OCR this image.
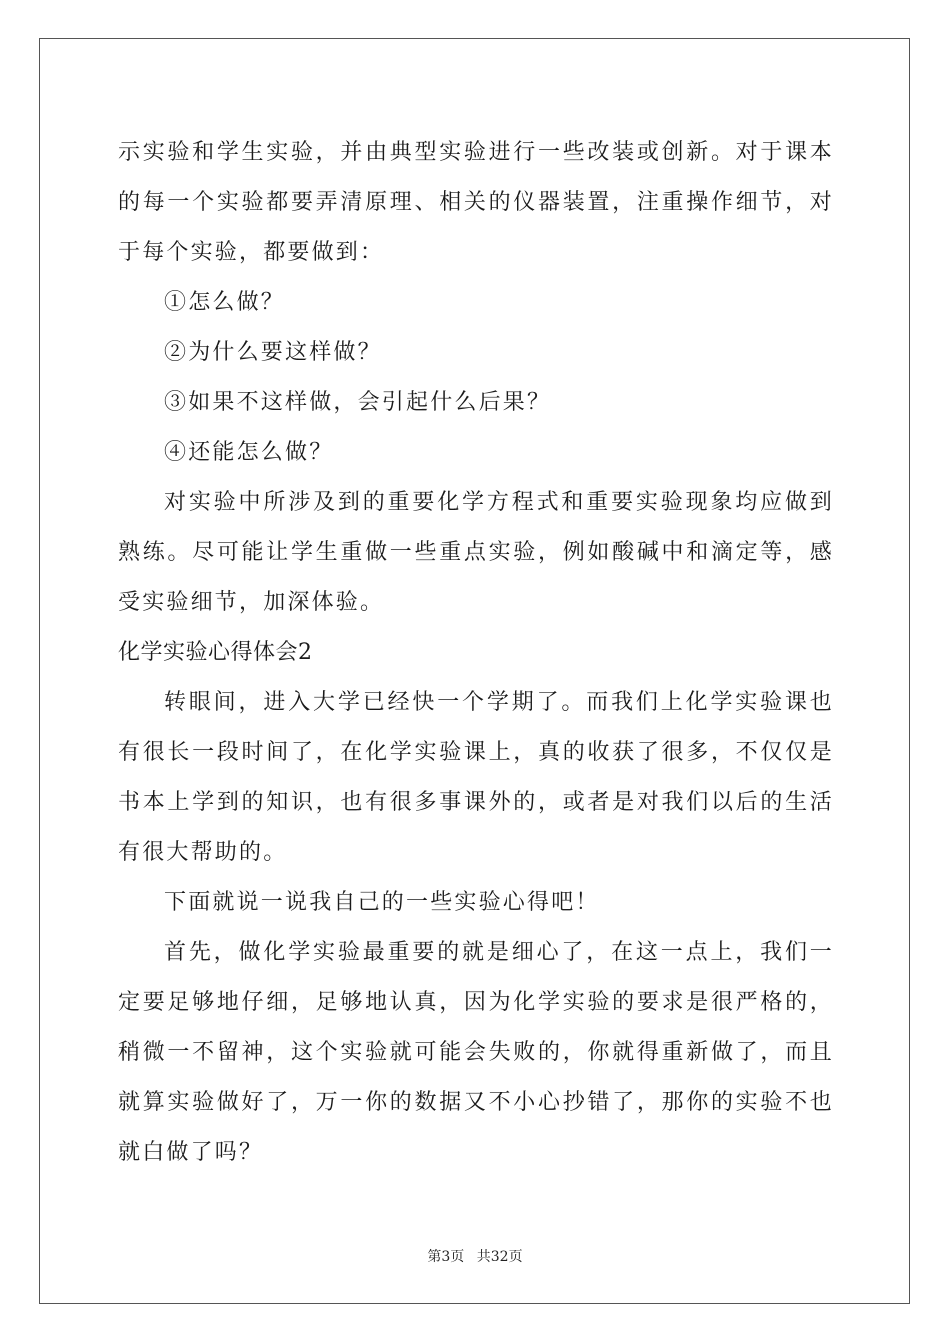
示实验和学生实验，并由典型实验进行一些改装或创新。对于课本的每一个实验都要弄清原理、相关的仪器装置，注重操作细节，对于每个实验，都要做到：

①怎么做？

②为什么要这样做？

③如果不这样做，会引起什么后果？

④还能怎么做？

对实验中所涉及到的重要化学方程式和重要实验现象均应做到熟练。尽可能让学生重做一些重点实验，例如酸碱中和滴定等，感受实验细节，加深体验。

化学实验心得体会2

转眼间，进入大学已经快一个学期了。而我们上化学实验课也有很长一段时间了，在化学实验课上，真的收获了很多，不仅仅是书本上学到的知识，也有很多事课外的，或者是对我们以后的生活有很大帮助的。

下面就说一说我自己的一些实验心得吧！

首先，做化学实验最重要的就是细心了，在这一点上，我们一定要足够地仔细，足够地认真，因为化学实验的要求是很严格的，稍微一不留神，这个实验就可能会失败的，你就得重新做了，而且就算实验做好了，万一你的数据又不小心抄错了，那你的实验不也就白做了吗？

第3页 共32页
